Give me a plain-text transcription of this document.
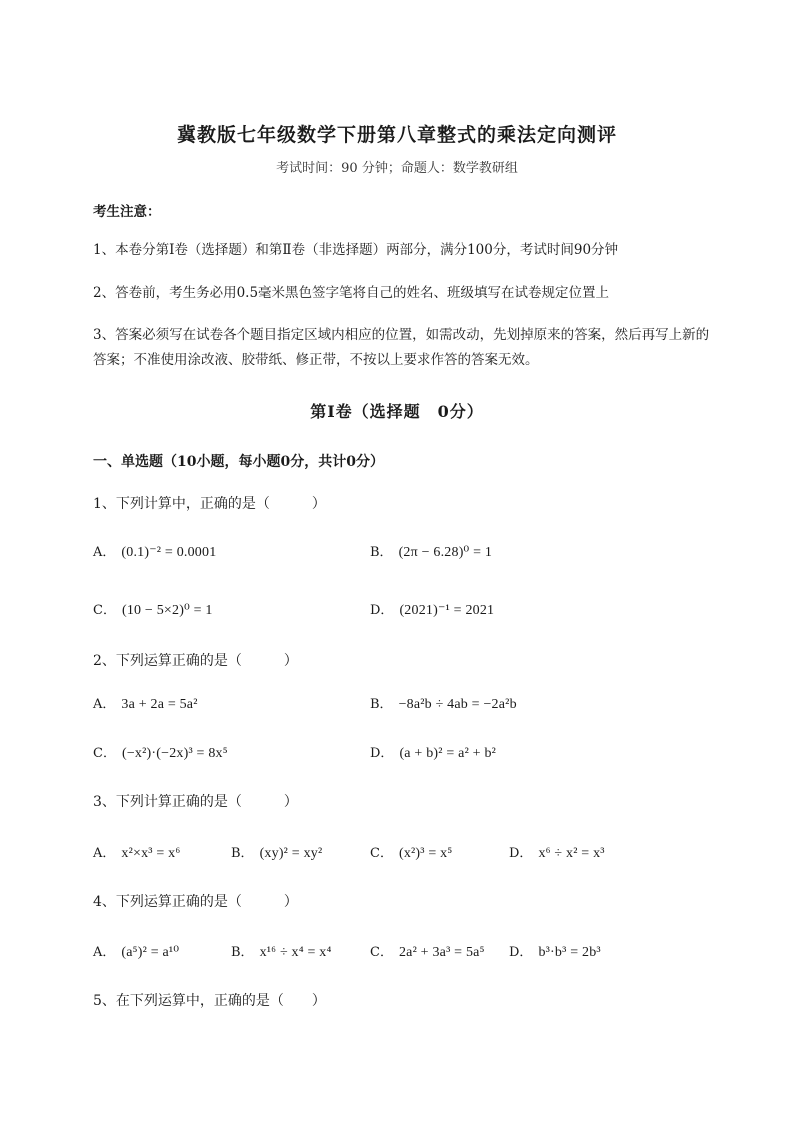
冀教版七年级数学下册第八章整式的乘法定向测评
考试时间：90 分钟；命题人：数学教研组
考生注意：
1、本卷分第Ⅰ卷（选择题）和第Ⅱ卷（非选择题）两部分，满分100分，考试时间90分钟
2、答卷前，考生务必用0.5毫米黑色签字笔将自己的姓名、班级填写在试卷规定位置上
3、答案必须写在试卷各个题目指定区域内相应的位置，如需改动，先划掉原来的答案，然后再写上新的答案；不准使用涂改液、胶带纸、修正带，不按以上要求作答的答案无效。
第Ⅰ卷（选择题　0分）
一、单选题（10小题，每小题0分，共计0分）
1、下列计算中，正确的是（　　　）
A． (0.1)⁻² = 0.0001	B． (2π − 6.28)⁰ = 1
C． (10 − 5×2)⁰ = 1	D． (2021)⁻¹ = 2021
2、下列运算正确的是（　　　）
A． 3a + 2a = 5a²	B． −8a²b ÷ 4ab = −2a²b
C． (−x²)·(−2x)³ = 8x⁵	D． (a + b)² = a² + b²
3、下列计算正确的是（　　　）
A． x²×x³ = x⁶	B． (xy)² = xy²	C． (x²)³ = x⁵	D． x⁶ ÷ x² = x³
4、下列运算正确的是（　　　）
A． (a⁵)² = a¹⁰	B． x¹⁶ ÷ x⁴ = x⁴	C． 2a² + 3a³ = 5a⁵ D． b³·b³ = 2b³
5、在下列运算中，正确的是（　　）
